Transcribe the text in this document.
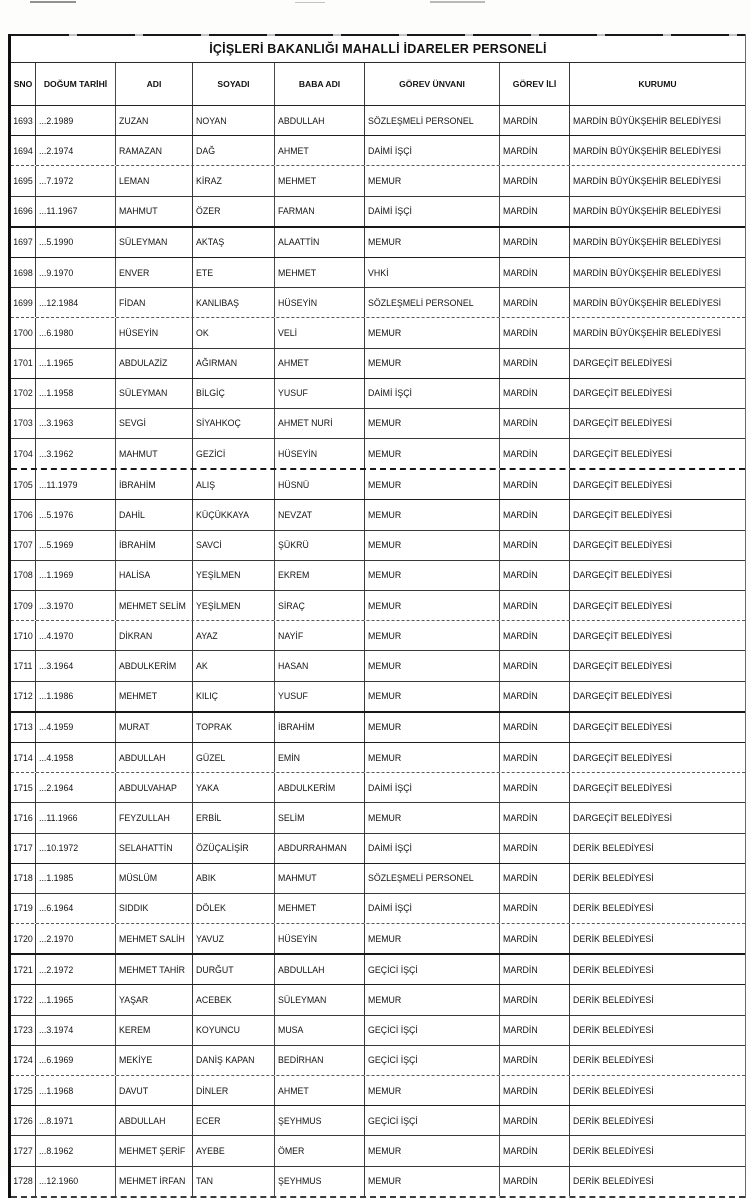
İÇİŞLERİ BAKANLIĞI MAHALLİ İDARELER PERSONELİ
SNO	DOĞUM TARİHİ	ADI	SOYADI	BABA ADI	GÖREV ÜNVANI	GÖREV İLİ	KURUMU
1693 ...2.1989	ZUZAN	NOYAN	ABDULLAH	SÖZLEŞMELİ PERSONEL	MARDİN	MARDİN BÜYÜKŞEHİR BELEDİYESİ
1694 ...2.1974	RAMAZAN	DAĞ	AHMET	DAİMİ İŞÇİ	MARDİN	MARDİN BÜYÜKŞEHİR BELEDİYESİ
1695 ...7.1972	LEMAN	KİRAZ	MEHMET	MEMUR	MARDİN	MARDİN BÜYÜKŞEHİR BELEDİYESİ
1696 ...11.1967	MAHMUT	ÖZER	FARMAN	DAİMİ İŞÇİ	MARDİN	MARDİN BÜYÜKŞEHİR BELEDİYESİ
1697 ...5.1990	SÜLEYMAN	AKTAŞ	ALAATTİN	MEMUR	MARDİN	MARDİN BÜYÜKŞEHİR BELEDİYESİ
1698 ...9.1970	ENVER	ETE	MEHMET	VHKİ	MARDİN	MARDİN BÜYÜKŞEHİR BELEDİYESİ
1699 ...12.1984	FİDAN	KANLIBAŞ	HÜSEYİN	SÖZLEŞMELİ PERSONEL	MARDİN	MARDİN BÜYÜKŞEHİR BELEDİYESİ
1700 ...6.1980	HÜSEYİN	OK	VELİ	MEMUR	MARDİN	MARDİN BÜYÜKŞEHİR BELEDİYESİ
1701 ...1.1965	ABDULAZİZ	AĞIRMAN	AHMET	MEMUR	MARDİN	DARGEÇİT BELEDİYESİ
1702 ...1.1958	SÜLEYMAN	BİLGİÇ	YUSUF	DAİMİ İŞÇİ	MARDİN	DARGEÇİT BELEDİYESİ
1703 ...3.1963	SEVGİ	SİYAHKOÇ	AHMET NURİ	MEMUR	MARDİN	DARGEÇİT BELEDİYESİ
1704 ...3.1962	MAHMUT	GEZİCİ	HÜSEYİN	MEMUR	MARDİN	DARGEÇİT BELEDİYESİ
1705 ...11.1979	İBRAHİM	ALIŞ	HÜSNÜ	MEMUR	MARDİN	DARGEÇİT BELEDİYESİ
1706 ...5.1976	DAHİL	KÜÇÜKKAYA	NEVZAT	MEMUR	MARDİN	DARGEÇİT BELEDİYESİ
1707 ...5.1969	İBRAHİM	SAVCİ	ŞÜKRÜ	MEMUR	MARDİN	DARGEÇİT BELEDİYESİ
1708 ...1.1969	HALİSA	YEŞİLMEN	EKREM	MEMUR	MARDİN	DARGEÇİT BELEDİYESİ
1709 ...3.1970	MEHMET SELİM	YEŞİLMEN	SİRAÇ	MEMUR	MARDİN	DARGEÇİT BELEDİYESİ
1710 ...4.1970	DİKRAN	AYAZ	NAYİF	MEMUR	MARDİN	DARGEÇİT BELEDİYESİ
1711 ...3.1964	ABDULKERİM	AK	HASAN	MEMUR	MARDİN	DARGEÇİT BELEDİYESİ
1712 ...1.1986	MEHMET	KILIÇ	YUSUF	MEMUR	MARDİN	DARGEÇİT BELEDİYESİ
1713 ...4.1959	MURAT	TOPRAK	İBRAHİM	MEMUR	MARDİN	DARGEÇİT BELEDİYESİ
1714 ...4.1958	ABDULLAH	GÜZEL	EMİN	MEMUR	MARDİN	DARGEÇİT BELEDİYESİ
1715 ...2.1964	ABDULVAHAP	YAKA	ABDULKERİM	DAİMİ İŞÇİ	MARDİN	DARGEÇİT BELEDİYESİ
1716 ...11.1966	FEYZULLAH	ERBİL	SELİM	MEMUR	MARDİN	DARGEÇİT BELEDİYESİ
1717 ...10.1972	SELAHATTİN	ÖZÜÇALİŞİR	ABDURRAHMAN	DAİMİ İŞÇİ	MARDİN	DERİK BELEDİYESİ
1718 ...1.1985	MÜSLÜM	ABIK	MAHMUT	SÖZLEŞMELİ PERSONEL	MARDİN	DERİK BELEDİYESİ
1719 ...6.1964	SIDDIK	DÖLEK	MEHMET	DAİMİ İŞÇİ	MARDİN	DERİK BELEDİYESİ
1720 ...2.1970	MEHMET SALİH	YAVUZ	HÜSEYİN	MEMUR	MARDİN	DERİK BELEDİYESİ
1721 ...2.1972	MEHMET TAHİR	DURĞUT	ABDULLAH	GEÇİCİ İŞÇİ	MARDİN	DERİK BELEDİYESİ
1722 ...1.1965	YAŞAR	ACEBEK	SÜLEYMAN	MEMUR	MARDİN	DERİK BELEDİYESİ
1723 ...3.1974	KEREM	KOYUNCU	MUSA	GEÇİCİ İŞÇİ	MARDİN	DERİK BELEDİYESİ
1724 ...6.1969	MEKİYE	DANİŞ KAPAN	BEDİRHAN	GEÇİCİ İŞÇİ	MARDİN	DERİK BELEDİYESİ
1725 ...1.1968	DAVUT	DİNLER	AHMET	MEMUR	MARDİN	DERİK BELEDİYESİ
1726 ...8.1971	ABDULLAH	ECER	ŞEYHMUS	GEÇİCİ İŞÇİ	MARDİN	DERİK BELEDİYESİ
1727 ...8.1962	MEHMET ŞERİF	AYEBE	ÖMER	MEMUR	MARDİN	DERİK BELEDİYESİ
1728 ...12.1960	MEHMET İRFAN	TAN	ŞEYHMUS	MEMUR	MARDİN	DERİK BELEDİYESİ
